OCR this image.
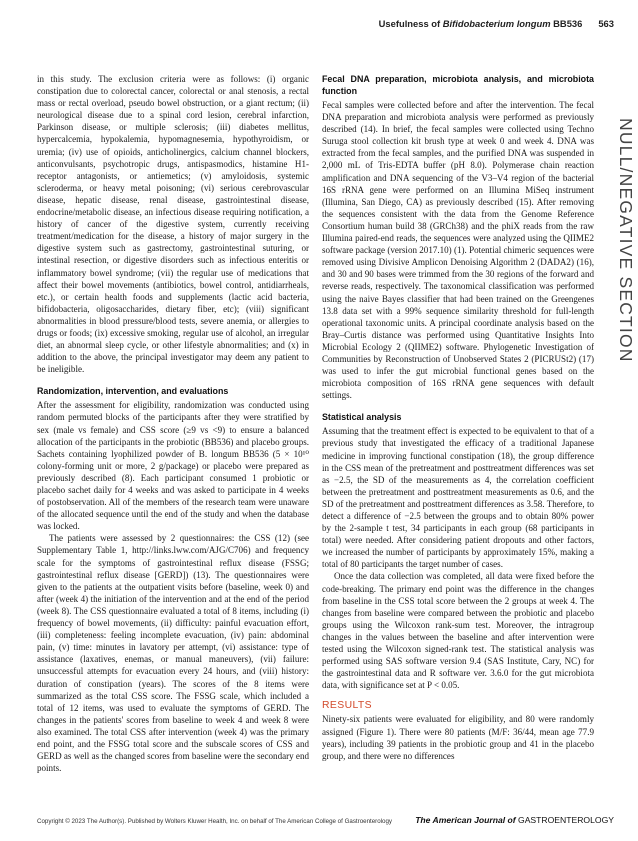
Usefulness of Bifidobacterium longum BB536 563
NULL/NEGATIVE SECTION

in this study. The exclusion criteria were as follows: (i) organic constipation due to colorectal cancer, colorectal or anal stenosis, a rectal mass or rectal overload, pseudo bowel obstruction, or a giant rectum; (ii) neurological disease due to a spinal cord lesion, cerebral infarction, Parkinson disease, or multiple sclerosis; (iii) diabetes mellitus, hypercalcemia, hypokalemia, hypomagnesemia, hypothyroidism, or uremia; (iv) use of opioids, anticholinergics, calcium channel blockers, anticonvulsants, psychotropic drugs, antispasmodics, histamine H1-receptor antagonists, or antiemetics; (v) amyloidosis, systemic scleroderma, or heavy metal poisoning; (vi) serious cerebrovascular disease, hepatic disease, renal disease, gastrointestinal disease, endocrine/metabolic disease, an infectious disease requiring notification, a history of cancer of the digestive system, currently receiving treatment/medication for the disease, a history of major surgery in the digestive system such as gastrectomy, gastrointestinal suturing, or intestinal resection, or digestive disorders such as infectious enteritis or inflammatory bowel syndrome; (vii) the regular use of medications that affect their bowel movements (antibiotics, bowel control, antidiarrheals, etc.), or certain health foods and supplements (lactic acid bacteria, bifidobacteria, oligosaccharides, dietary fiber, etc); (viii) significant abnormalities in blood pressure/blood tests, severe anemia, or allergies to drugs or foods; (ix) excessive smoking, regular use of alcohol, an irregular diet, an abnormal sleep cycle, or other lifestyle abnormalities; and (x) in addition to the above, the principal investigator may deem any patient to be ineligible.

Randomization, intervention, and evaluations

After the assessment for eligibility, randomization was conducted using random permuted blocks of the participants after they were stratified by sex (male vs female) and CSS score (≥9 vs <9) to ensure a balanced allocation of the participants in the probiotic (BB536) and placebo groups. Sachets containing lyophilized powder of B. longum BB536 (5 × 10¹⁰ colony-forming unit or more, 2 g/package) or placebo were prepared as previously described (8). Each participant consumed 1 probiotic or placebo sachet daily for 4 weeks and was asked to participate in 4 weeks of postobservation. All of the members of the research team were unaware of the allocated sequence until the end of the study and when the database was locked.

The patients were assessed by 2 questionnaires: the CSS (12) (see Supplementary Table 1, http://links.lww.com/AJG/C706) and frequency scale for the symptoms of gastrointestinal reflux disease (FSSG; gastrointestinal reflux disease [GERD]) (13). The questionnaires were given to the patients at the outpatient visits before (baseline, week 0) and after (week 4) the initiation of the intervention and at the end of the period (week 8). The CSS questionnaire evaluated a total of 8 items, including (i) frequency of bowel movements, (ii) difficulty: painful evacuation effort, (iii) completeness: feeling incomplete evacuation, (iv) pain: abdominal pain, (v) time: minutes in lavatory per attempt, (vi) assistance: type of assistance (laxatives, enemas, or manual maneuvers), (vii) failure: unsuccessful attempts for evacuation every 24 hours, and (viii) history: duration of constipation (years). The scores of the 8 items were summarized as the total CSS score. The FSSG scale, which included a total of 12 items, was used to evaluate the symptoms of GERD. The changes in the patients' scores from baseline to week 4 and week 8 were also examined. The total CSS after intervention (week 4) was the primary end point, and the FSSG total score and the subscale scores of CSS and GERD as well as the changed scores from baseline were the secondary end points.

Fecal DNA preparation, microbiota analysis, and microbiota function

Fecal samples were collected before and after the intervention. The fecal DNA preparation and microbiota analysis were performed as previously described (14). In brief, the fecal samples were collected using Techno Suruga stool collection kit brush type at week 0 and week 4. DNA was extracted from the fecal samples, and the purified DNA was suspended in 2,000 mL of Tris-EDTA buffer (pH 8.0). Polymerase chain reaction amplification and DNA sequencing of the V3–V4 region of the bacterial 16S rRNA gene were performed on an Illumina MiSeq instrument (Illumina, San Diego, CA) as previously described (15). After removing the sequences consistent with the data from the Genome Reference Consortium human build 38 (GRCh38) and the phiX reads from the raw Illumina paired-end reads, the sequences were analyzed using the QIIME2 software package (version 2017.10) (1). Potential chimeric sequences were removed using Divisive Amplicon Denoising Algorithm 2 (DADA2) (16), and 30 and 90 bases were trimmed from the 30 regions of the forward and reverse reads, respectively. The taxonomical classification was performed using the naive Bayes classifier that had been trained on the Greengenes 13.8 data set with a 99% sequence similarity threshold for full-length operational taxonomic units. A principal coordinate analysis based on the Bray–Curtis distance was performed using Quantitative Insights Into Microbial Ecology 2 (QIIME2) software. Phylogenetic Investigation of Communities by Reconstruction of Unobserved States 2 (PICRUSt2) (17) was used to infer the gut microbial functional genes based on the microbiota composition of 16S rRNA gene sequences with default settings.

Statistical analysis

Assuming that the treatment effect is expected to be equivalent to that of a previous study that investigated the efficacy of a traditional Japanese medicine in improving functional constipation (18), the group difference in the CSS mean of the pretreatment and posttreatment differences was set as −2.5, the SD of the measurements as 4, the correlation coefficient between the pretreatment and posttreatment measurements as 0.6, and the SD of the pretreatment and posttreatment differences as 3.58. Therefore, to detect a difference of −2.5 between the groups and to obtain 80% power by the 2-sample t test, 34 participants in each group (68 participants in total) were needed. After considering patient dropouts and other factors, we increased the number of participants by approximately 15%, making a total of 80 participants the target number of cases.

Once the data collection was completed, all data were fixed before the code-breaking. The primary end point was the difference in the changes from baseline in the CSS total score between the 2 groups at week 4. The changes from baseline were compared between the probiotic and placebo groups using the Wilcoxon rank-sum test. Moreover, the intragroup changes in the values between the baseline and after intervention were tested using the Wilcoxon signed-rank test. The statistical analysis was performed using SAS software version 9.4 (SAS Institute, Cary, NC) for the gastrointestinal data and R software ver. 3.6.0 for the gut microbiota data, with significance set at P < 0.05.

RESULTS

Ninety-six patients were evaluated for eligibility, and 80 were randomly assigned (Figure 1). There were 80 patients (M/F: 36/44, mean age 77.9 years), including 39 patients in the probiotic group and 41 in the placebo group, and there were no differences

Copyright © 2023 The Author(s). Published by Wolters Kluwer Health, Inc. on behalf of The American College of Gastroenterology	The American Journal of GASTROENTEROLOGY
